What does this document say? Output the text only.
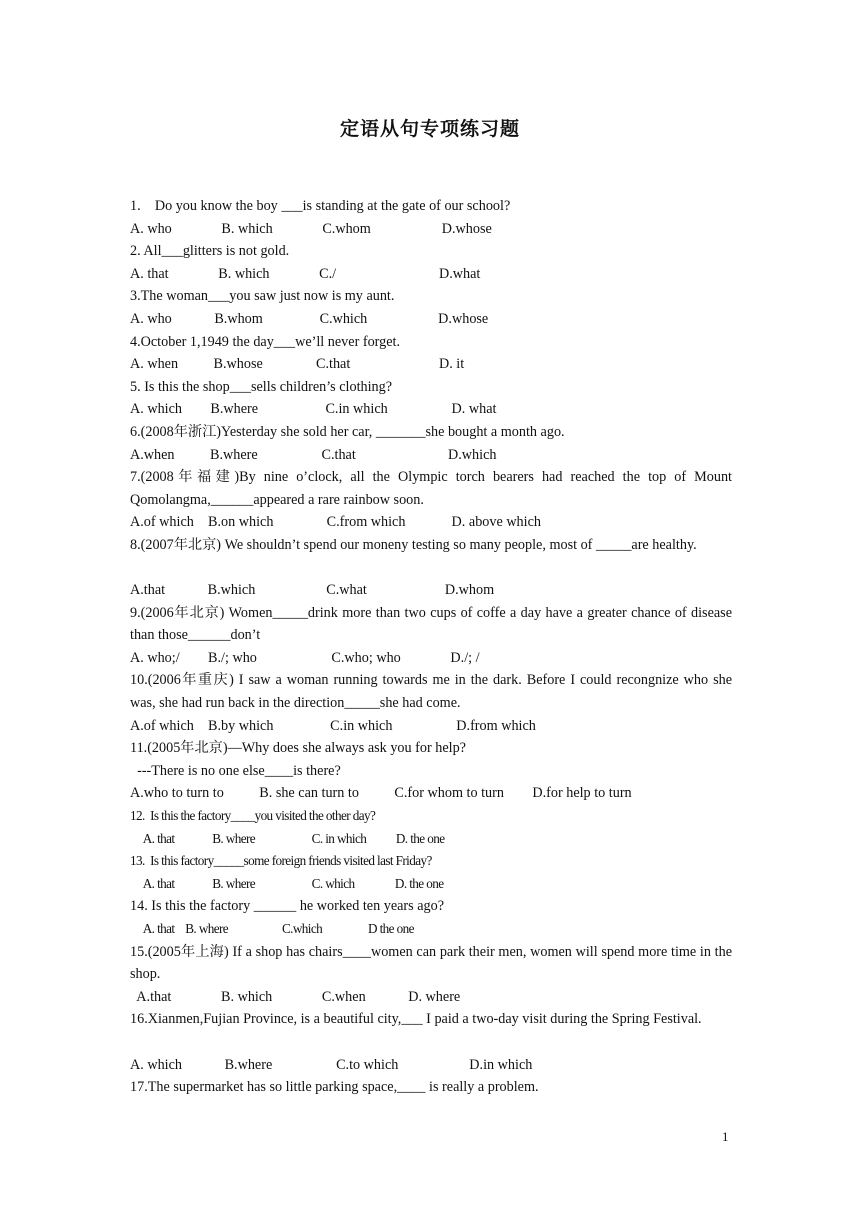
定语从句专项练习题
1.    Do you know the boy ___is standing at the gate of our school?
A. who              B. which              C.whom                    D.whose
2. All___glitters is not gold.
A. that              B. which              C./                             D.what
3.The woman___you saw just now is my aunt.
A. who            B.whom                C.which                    D.whose
4.October 1,1949 the day___we’ll never forget.
A. when          B.whose               C.that                         D. it
5. Is this the shop___sells children’s clothing?
A. which        B.where                   C.in which                  D. what
6.(2008年浙江)Yesterday she sold her car, _______she bought a month ago.
A.when          B.where                  C.that                          D.which
7.(2008年福建)By nine o’clock, all the Olympic torch bearers had reached the top of Mount Qomolangma,______appeared a rare rainbow soon.
A.of which    B.on which               C.from which             D. above which
8.(2007年北京) We shouldn’t spend our moneny testing so many people, most of _____are healthy.
A.that            B.which                    C.what                      D.whom
9.(2006年北京) Women_____drink more than two cups of coffe a day have a greater chance of disease than those______don’t
A. who;/        B./; who                     C.who; who              D./; /
10.(2006年重庆) I saw a woman running towards me in the dark. Before I could recongnize who she was, she had run back in the direction_____she had come.
A.of which    B.by which                C.in which                  D.from which
11.(2005年北京)—Why does she always ask you for help?
---There is no one else____is there?
A.who to turn to          B. she can turn to          C.for whom to turn        D.for help to turn
12.  Is this the factory____you visited the other day?
A. that              B. where                     C. in which           D. the one
13.  Is this factory_____some foreign friends visited last Friday?
A. that              B. where                     C. which               D. the one
14. Is this the factory ______ he worked ten years ago?
A. that    B. where                    C.which                 D the one
15.(2005年上海) If a shop has chairs____women can park their men, women will spend more time in the shop.
A.that              B. which              C.when            D. where
16.Xianmen,Fujian Province, is a beautiful city,___ I paid a two-day visit during the Spring Festival.
A. which            B.where                  C.to which                    D.in which
17.The supermarket has so little parking space,____ is really a problem.
1
